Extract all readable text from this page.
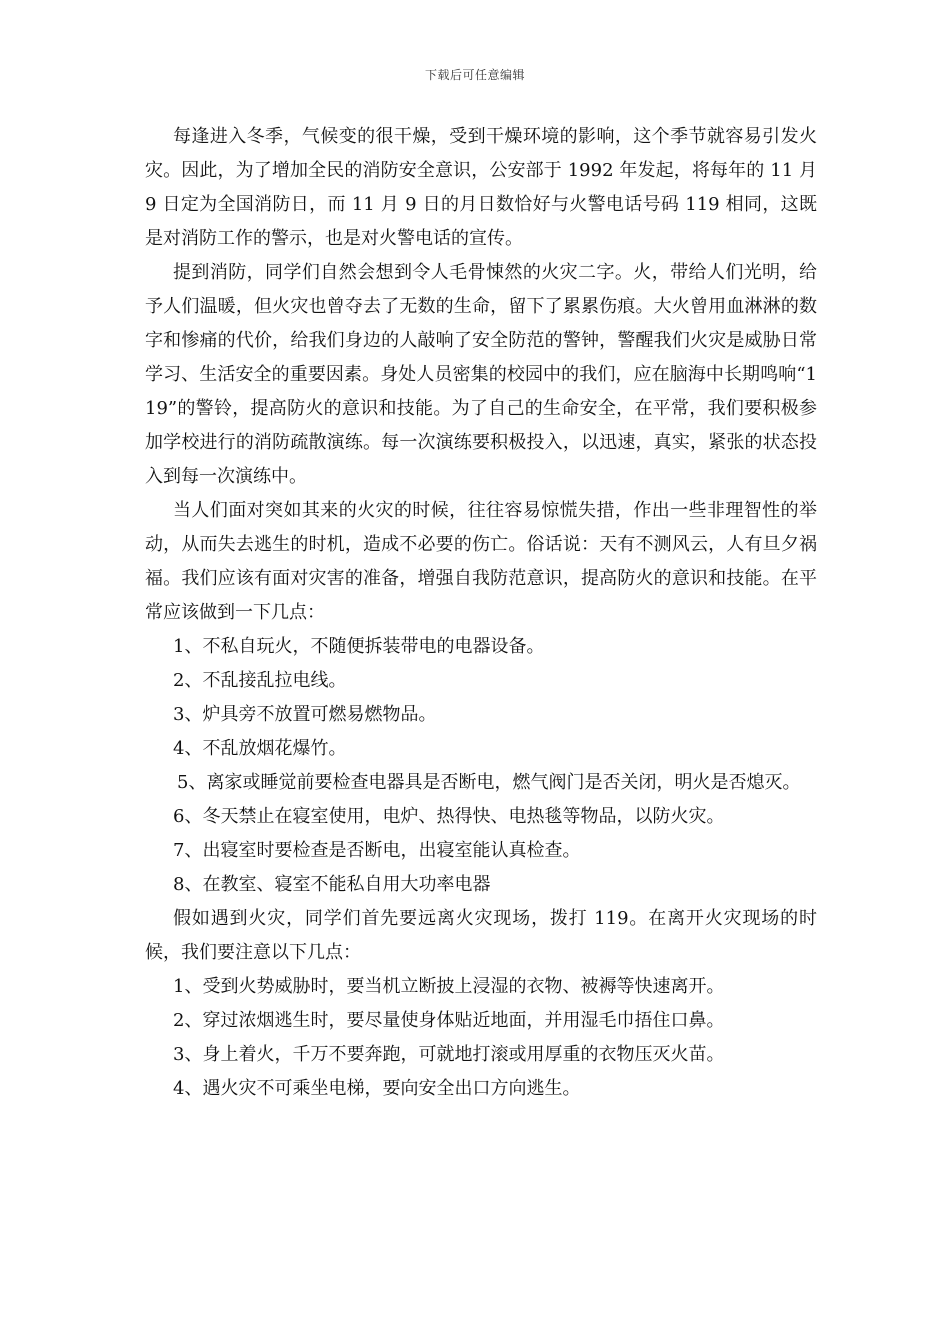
下载后可任意编辑

每逢进入冬季，气候变的很干燥，受到干燥环境的影响，这个季节就容易引发火灾。因此，为了增加全民的消防安全意识，公安部于 1992 年发起，将每年的 11 月 9 日定为全国消防日，而 11 月 9 日的月日数恰好与火警电话号码 119 相同，这既是对消防工作的警示，也是对火警电话的宣传。

提到消防，同学们自然会想到令人毛骨悚然的火灾二字。火，带给人们光明，给予人们温暖，但火灾也曾夺去了无数的生命，留下了累累伤痕。大火曾用血淋淋的数字和惨痛的代价，给我们身边的人敲响了安全防范的警钟，警醒我们火灾是威胁日常学习、生活安全的重要因素。身处人员密集的校园中的我们，应在脑海中长期鸣响“119”的警铃，提高防火的意识和技能。为了自己的生命安全，在平常，我们要积极参加学校进行的消防疏散演练。每一次演练要积极投入，以迅速，真实，紧张的状态投入到每一次演练中。

当人们面对突如其来的火灾的时候，往往容易惊慌失措，作出一些非理智性的举动，从而失去逃生的时机，造成不必要的伤亡。俗话说：天有不测风云，人有旦夕祸福。我们应该有面对灾害的准备，增强自我防范意识，提高防火的意识和技能。在平常应该做到一下几点：

1、不私自玩火，不随便拆装带电的电器设备。

2、不乱接乱拉电线。

3、炉具旁不放置可燃易燃物品。

4、不乱放烟花爆竹。

5、离家或睡觉前要检查电器具是否断电，燃气阀门是否关闭，明火是否熄灭。

6、冬天禁止在寝室使用，电炉、热得快、电热毯等物品，以防火灾。

7、出寝室时要检查是否断电，出寝室能认真检查。

8、在教室、寝室不能私自用大功率电器

假如遇到火灾，同学们首先要远离火灾现场，拨打 119。在离开火灾现场的时候，我们要注意以下几点：

1、受到火势威胁时，要当机立断披上浸湿的衣物、被褥等快速离开。

2、穿过浓烟逃生时，要尽量使身体贴近地面，并用湿毛巾捂住口鼻。

3、身上着火，千万不要奔跑，可就地打滚或用厚重的衣物压灭火苗。

4、遇火灾不可乘坐电梯，要向安全出口方向逃生。
